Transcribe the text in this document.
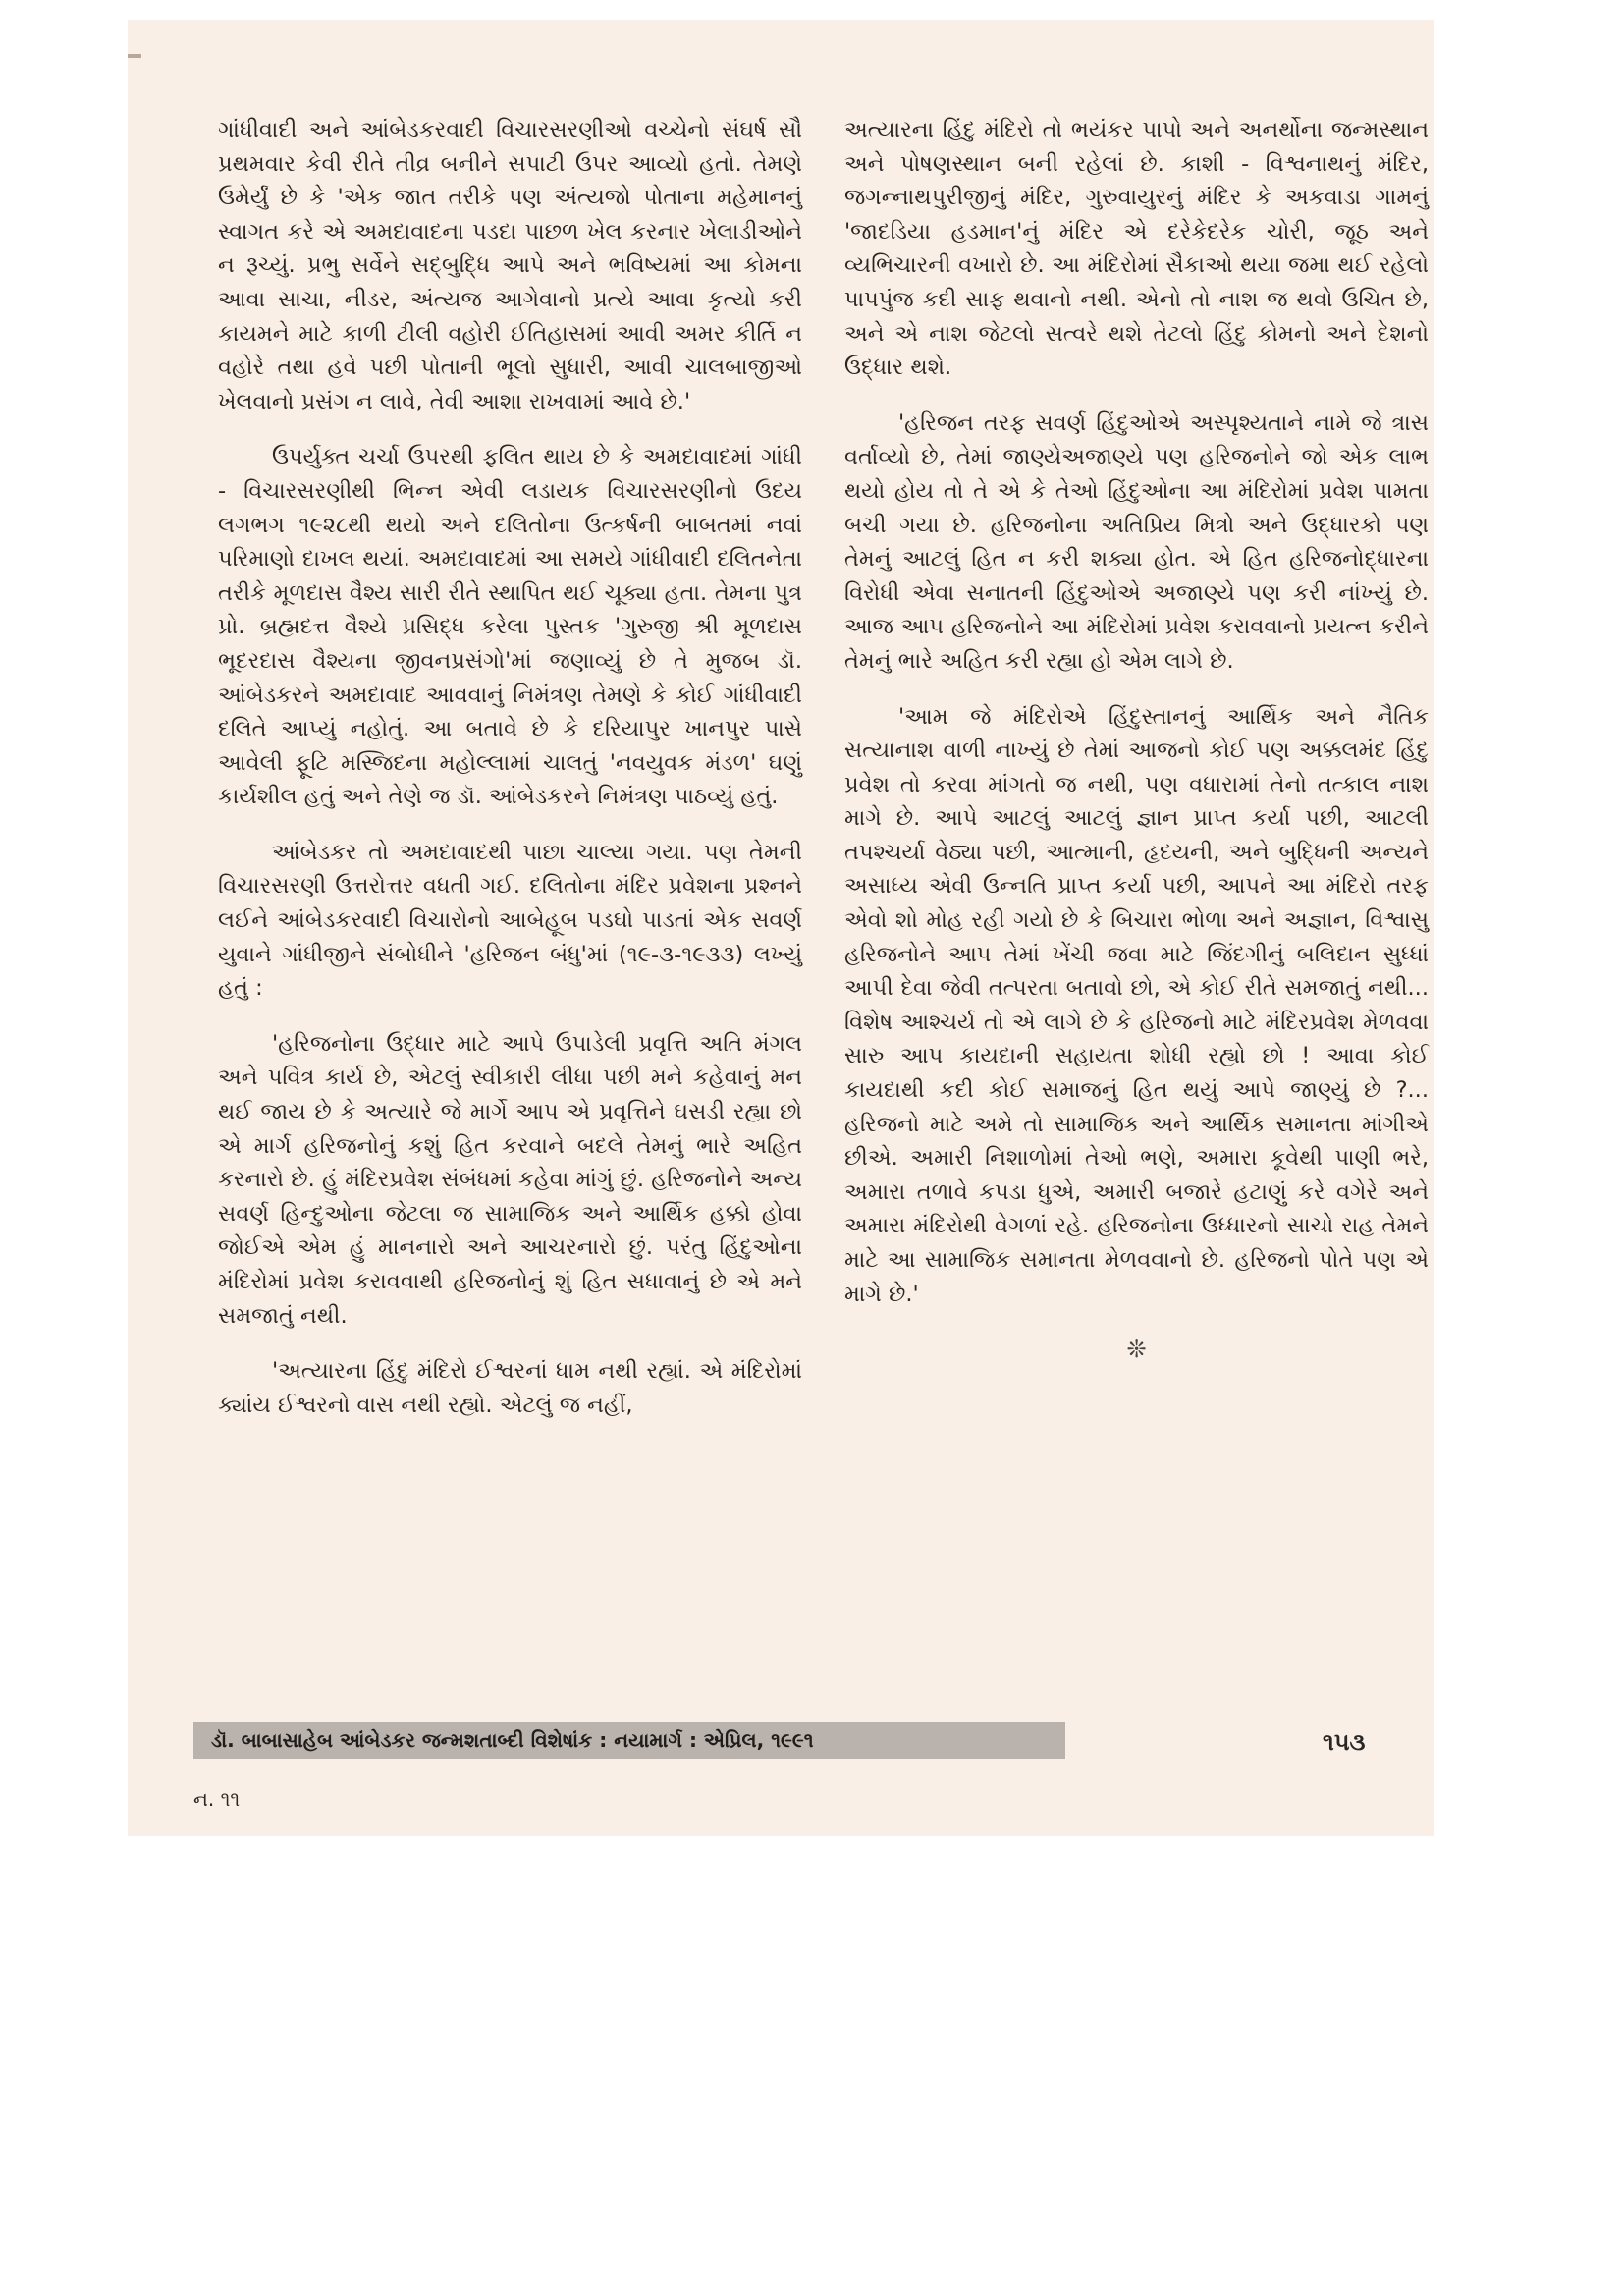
ગાંધીવાદી અને આંબેડકરવાદી વિચારસરણીઓ વચ્ચેનો સંઘર્ષ સૌ પ્રથમવાર કેવી રીતે તીવ્ર બનીને સપાટી ઉપર આવ્યો હતો. તેમણે ઉમેર્યું છે કે 'એક જાત તરીકે પણ અંત્યજો પોતાના મહેમાનનું સ્વાગત કરે એ અમદાવાદના પડદા પાછળ ખેલ કરનાર ખેલાડીઓને ન રૂચ્યું. પ્રભુ સર્વેને સદ્બુદ્ધિ આપે અને ભવિષ્યમાં આ કોમના આવા સાચા, નીડર, અંત્યજ આગેવાનો પ્રત્યે આવા કૃત્યો કરી કાયમને માટે કાળી ટીલી વહોરી ઈતિહાસમાં આવી અમર કીર્તિ ન વહોરે તથા હવે પછી પોતાની ભૂલો સુધારી, આવી ચાલબાજીઓ ખેલવાનો પ્રસંગ ન લાવે, તેવી આશા રાખવામાં આવે છે.'

ઉપર્યુક્ત ચર્ચા ઉપરથી ફલિત થાય છે કે અમદાવાદમાં ગાંધી - વિચારસરણીથી ભિન્ન એવી લડાયક વિચારસરણીનો ઉદય લગભગ ૧૯૨૮થી થયો અને દલિતોના ઉત્કર્ષની બાબતમાં નવાં પરિમાણો દાખલ થયાં. અમદાવાદમાં આ સમયે ગાંધીવાદી દલિતનેતા તરીકે મૂળદાસ વૈશ્ય સારી રીતે સ્થાપિત થઈ ચૂક્યા હતા. તેમના પુત્ર પ્રો. બ્રહ્મદત્ત વૈશ્યે પ્રસિદ્ધ કરેલા પુસ્તક 'ગુરુજી શ્રી મૂળદાસ ભૂદરદાસ વૈશ્યના જીવનપ્રસંગો'માં જણાવ્યું છે તે મુજબ ડૉ. આંબેડકરને અમદાવાદ આવવાનું નિમંત્રણ તેમણે કે કોઈ ગાંધીવાદી દલિતે આપ્યું નહોતું. આ બતાવે છે કે દરિયાપુર ખાનપુર પાસે આવેલી ફૂટિ મસ્જિદના મહોલ્લામાં ચાલતું 'નવયુવક મંડળ' ઘણું કાર્યશીલ હતું અને તેણે જ ડૉ. આંબેડકરને નિમંત્રણ પાઠવ્યું હતું.

આંબેડકર તો અમદાવાદથી પાછા ચાલ્યા ગયા. પણ તેમની વિચારસરણી ઉત્તરોત્તર વધતી ગઈ. દલિતોના મંદિર પ્રવેશના પ્રશ્નને લઈને આંબેડકરવાદી વિચારોનો આબેહૂબ પડઘો પાડતાં એક સવર્ણ યુવાને ગાંધીજીને સંબોધીને 'હરિજન બંધુ'માં (૧૯-૩-૧૯૩૩) લખ્યું હતું :

'હરિજનોના ઉદ્ધાર માટે આપે ઉપાડેલી પ્રવૃત્તિ અતિ મંગલ અને પવિત્ર કાર્ય છે, એટલું સ્વીકારી લીધા પછી મને કહેવાનું મન થઈ જાય છે કે અત્યારે જે માર્ગે આપ એ પ્રવૃત્તિને ઘસડી રહ્યા છો એ માર્ગ હરિજનોનું કશું હિત કરવાને બદલે તેમનું ભારે અહિત કરનારો છે. હું મંદિરપ્રવેશ સંબંધમાં કહેવા માંગું છું. હરિજનોને અન્ય સવર્ણ હિન્દુઓના જેટલા જ સામાજિક અને આર્થિક હક્કો હોવા જોઈએ એમ હું માનનારો અને આચરનારો છું. પરંતુ હિંદુઓના મંદિરોમાં પ્રવેશ કરાવવાથી હરિજનોનું શું હિત સધાવાનું છે એ મને સમજાતું નથી.

'અત્યારના હિંદુ મંદિરો ઈશ્વરનાં ધામ નથી રહ્યાં. એ મંદિરોમાં ક્યાંય ઈશ્વરનો વાસ નથી રહ્યો. એટલું જ નહીં,

અત્યારના હિંદુ મંદિરો તો ભયંકર પાપો અને અનર્થોના જન્મસ્થાન અને પોષણસ્થાન બની રહેલાં છે. કાશી - વિશ્વનાથનું મંદિર, જગન્નાથપુરીજીનું મંદિર, ગુરુવાયુરનું મંદિર કે અકવાડા ગામનું 'જાદડિયા હડમાન'નું મંદિર એ દરેકેદરેક ચોરી, જૂઠ અને વ્યભિચારની વખારો છે. આ મંદિરોમાં સૈકાઓ થયા જમા થઈ રહેલો પાપપુંજ કદી સાફ થવાનો નથી. એનો તો નાશ જ થવો ઉચિત છે, અને એ નાશ જેટલો સત્વરે થશે તેટલો હિંદુ કોમનો અને દેશનો ઉદ્ધાર થશે.

'હરિજન તરફ સવર્ણ હિંદુઓએ અસ્પૃશ્યતાને નામે જે ત્રાસ વર્તાવ્યો છે, તેમાં જાણ્યેઅજાણ્યે પણ હરિજનોને જો એક લાભ થયો હોય તો તે એ કે તેઓ હિંદુઓના આ મંદિરોમાં પ્રવેશ પામતા બચી ગયા છે. હરિજનોના અતિપ્રિય મિત્રો અને ઉદ્ધારકો પણ તેમનું આટલું હિત ન કરી શક્યા હોત. એ હિત હરિજનોદ્ધારના વિરોધી એવા સનાતની હિંદુઓએ અજાણ્યે પણ કરી નાંખ્યું છે. આજ આપ હરિજનોને આ મંદિરોમાં પ્રવેશ કરાવવાનો પ્રયત્ન કરીને તેમનું ભારે અહિત કરી રહ્યા હો એમ લાગે છે.

'આમ જે મંદિરોએ હિંદુસ્તાનનું આર્થિક અને નૈતિક સત્યાનાશ વાળી નાખ્યું છે તેમાં આજનો કોઈ પણ અક્કલમંદ હિંદુ પ્રવેશ તો કરવા માંગતો જ નથી, પણ વધારામાં તેનો તત્કાલ નાશ માગે છે. આપે આટલું આટલું જ્ઞાન પ્રાપ્ત કર્યા પછી, આટલી તપશ્ચર્યા વેઠ્યા પછી, આત્માની, હૃદયની, અને બુદ્ધિની અન્યને અસાધ્ય એવી ઉન્નતિ પ્રાપ્ત કર્યા પછી, આપને આ મંદિરો તરફ એવો શો મોહ રહી ગયો છે કે બિચારા ભોળા અને અજ્ઞાન, વિશ્વાસુ હરિજનોને આપ તેમાં ખેંચી જવા માટે જિંદગીનું બલિદાન સુધ્ધાં આપી દેવા જેવી તત્પરતા બતાવો છો, એ કોઈ રીતે સમજાતું નથી... વિશેષ આશ્ચર્ય તો એ લાગે છે કે હરિજનો માટે મંદિરપ્રવેશ મેળવવા સારુ આપ કાયદાની સહાયતા શોધી રહ્યો છો ! આવા કોઈ કાયદાથી કદી કોઈ સમાજનું હિત થયું આપે જાણ્યું છે ?... હરિજનો માટે અમે તો સામાજિક અને આર્થિક સમાનતા માંગીએ છીએ. અમારી નિશાળોમાં તેઓ ભણે, અમારા કૂવેથી પાણી ભરે, અમારા તળાવે કપડા ધુએ, અમારી બજારે હટાણું કરે વગેરે અને અમારા મંદિરોથી વેગળાં રહે. હરિજનોના ઉધ્ધારનો સાચો રાહ તેમને માટે આ સામાજિક સમાનતા મેળવવાનો છે. હરિજનો પોતે પણ એ માગે છે.'

❊
ડૉ. બાબાસાહેબ આંબેડકર જન્મશતાબ્દી વિશેષાંક : નયામાર્ગ : એપ્રિલ, ૧૯૯૧	૧૫૩
ન. ૧૧
